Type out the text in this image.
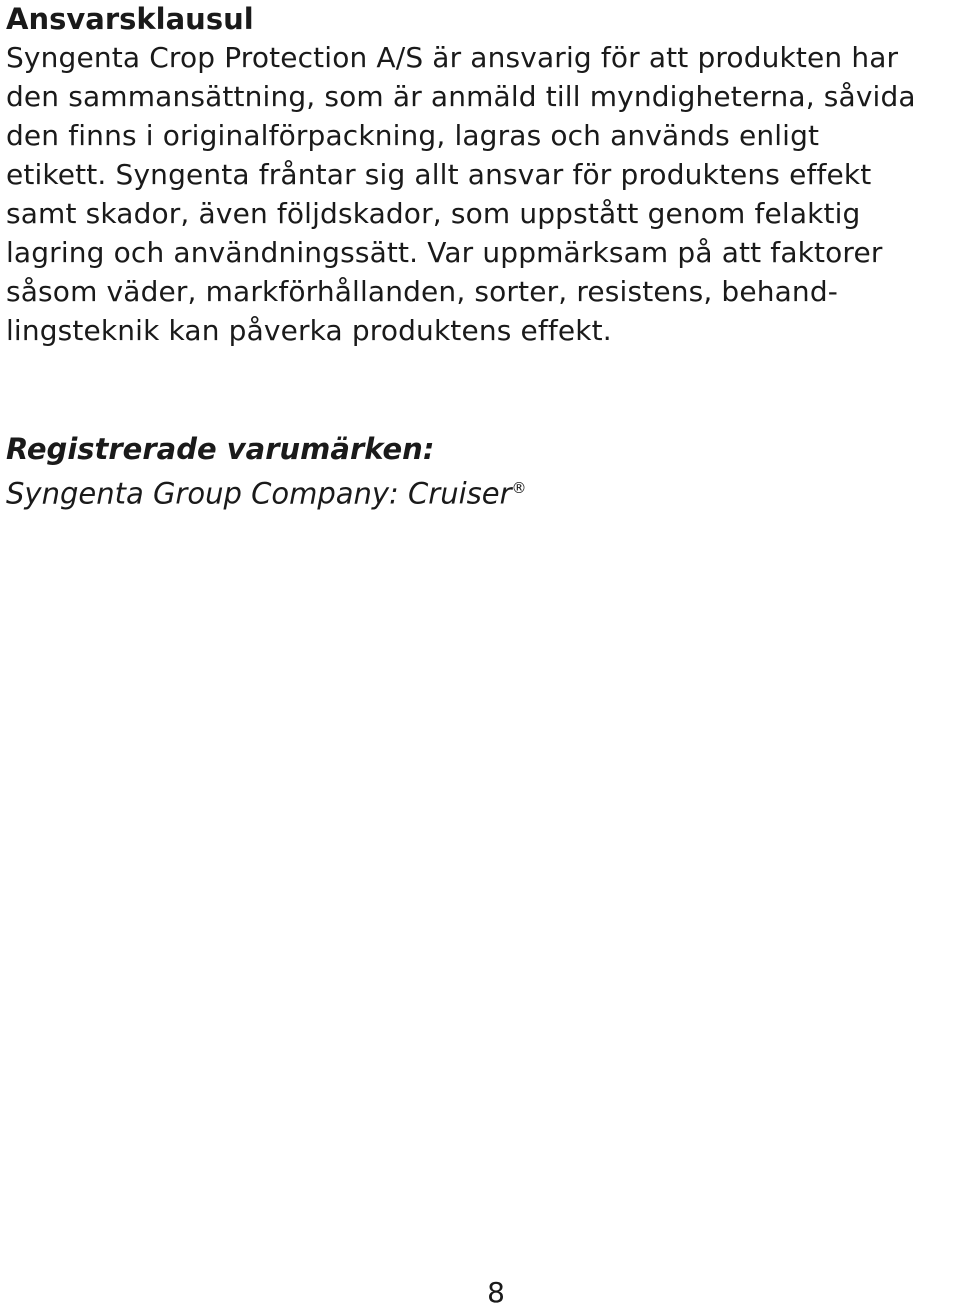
Ansvarsklausul

Syngenta Crop Protection A/S är ansvarig för att produkten har

den sammansättning, som är anmäld till myndigheterna, såvida

den finns i originalförpackning, lagras och används enligt

etikett. Syngenta fråntar sig allt ansvar för produktens effekt

samt skador, även följdskador, som uppstått genom felaktig

lagring och användningssätt. Var uppmärksam på att faktorer

såsom väder, markförhållanden, sorter, resistens, behand-

lingsteknik kan påverka produktens effekt.

Registrerade varumärken:

Syngenta Group Company: Cruiser®

8
